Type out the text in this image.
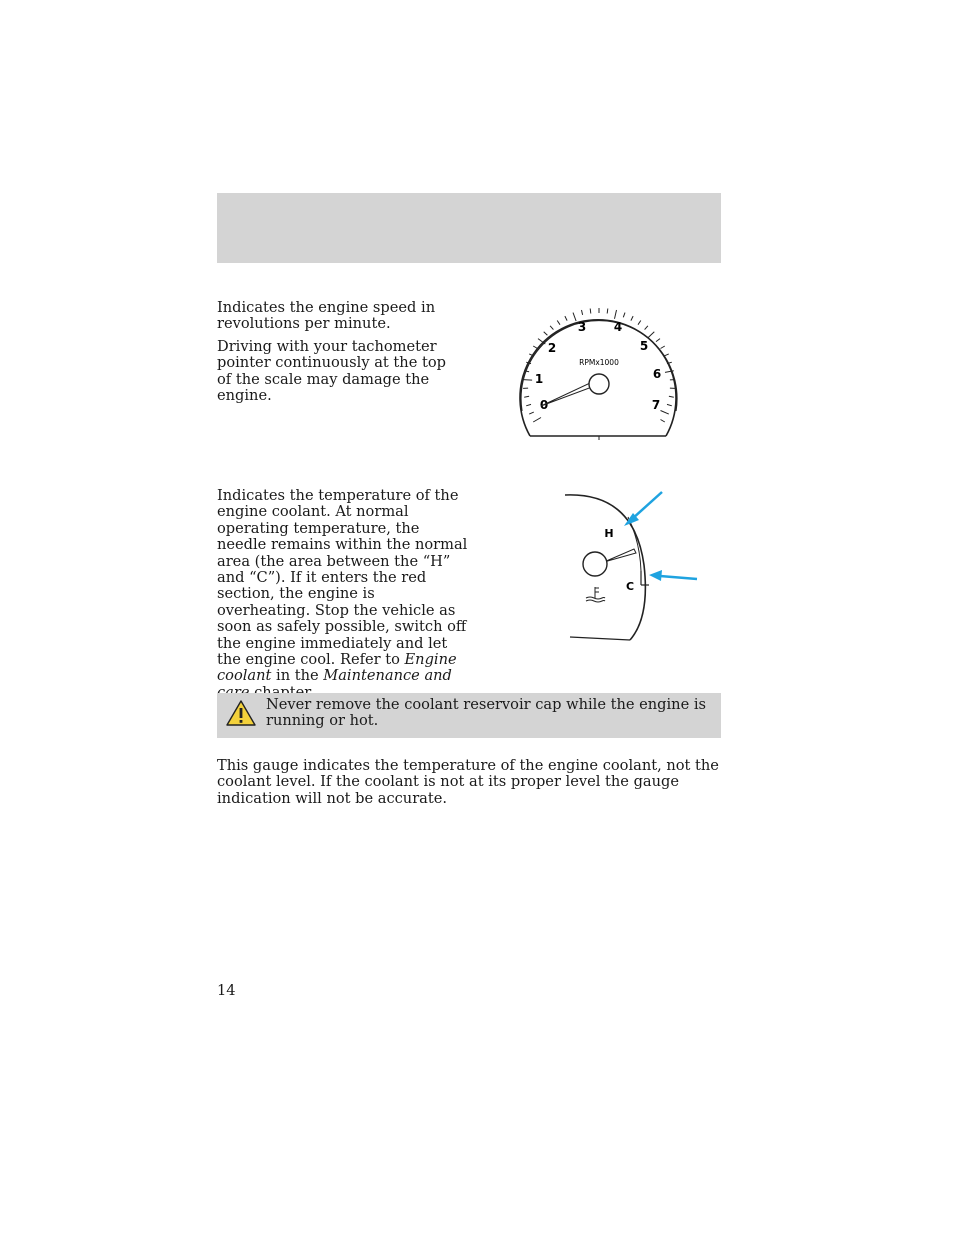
Indicates the engine speed in revolutions per minute.

Driving with your tachometer pointer continuously at the top of the scale may damage the engine.

0
1
2
3 4
5
6
7
RPMx1000

Indicates the temperature of the engine coolant. At normal operating temperature, the needle remains within the normal area (the area between the “H” and “C”). If it enters the red section, the engine is overheating. Stop the vehicle as soon as safely possible, switch off the engine immediately and let the engine cool. Refer to Engine coolant in the Maintenance and

H
C
Never remove the coolant reservoir cap while the engine is running or hot.

This gauge indicates the temperature of the engine coolant, not the coolant level. If the coolant is not at its proper level the gauge indication will not be accurate.

14
